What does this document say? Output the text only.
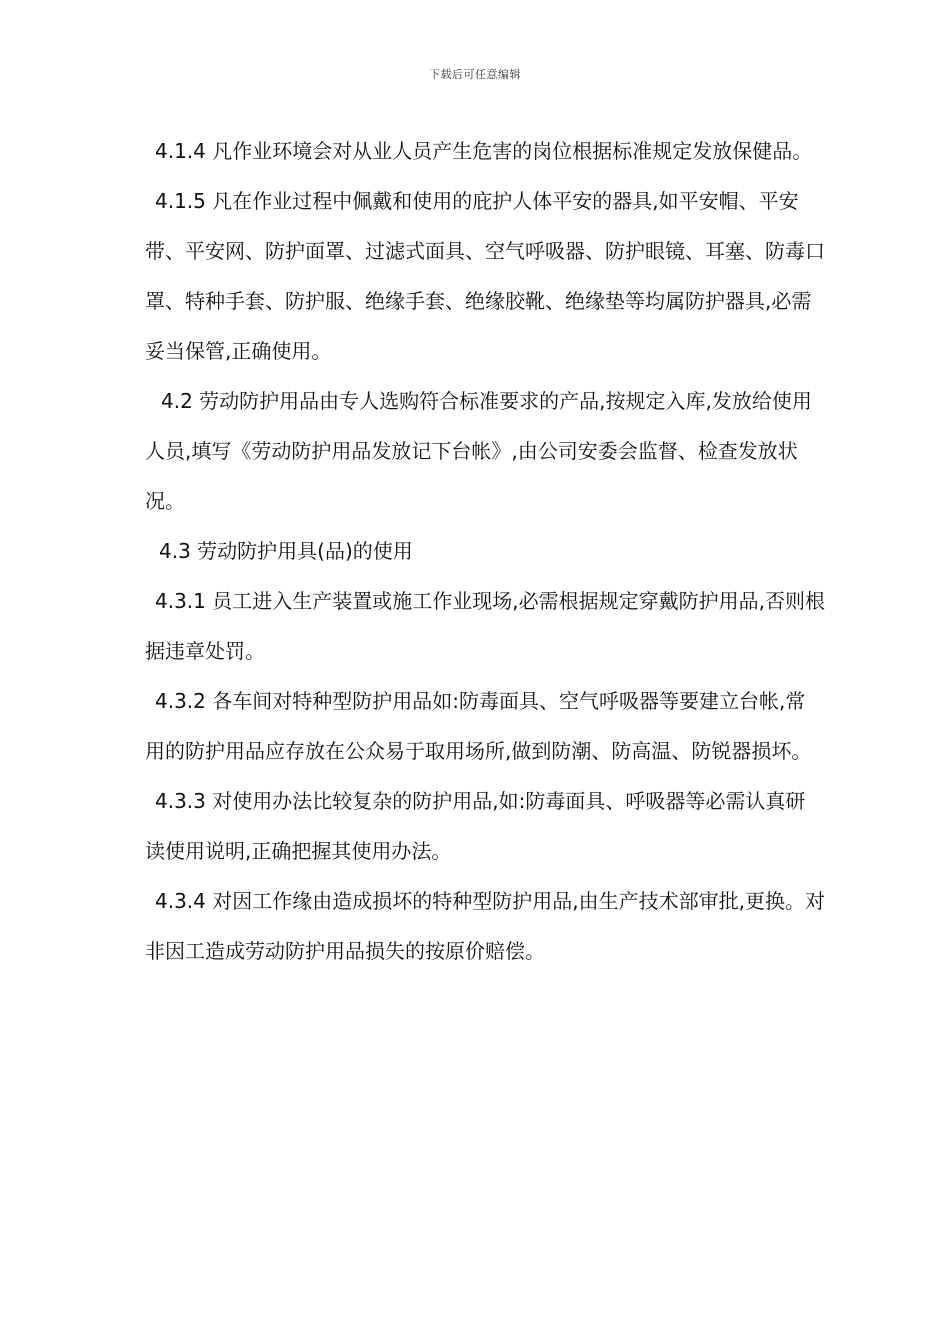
下载后可任意编辑

4.1.4 凡作业环境会对从业人员产生危害的岗位根据标准规定发放保健品。

4.1.5 凡在作业过程中佩戴和使用的庇护人体平安的器具,如平安帽、平安带、平安网、防护面罩、过滤式面具、空气呼吸器、防护眼镜、耳塞、防毒口罩、特种手套、防护服、绝缘手套、绝缘胶靴、绝缘垫等均属防护器具,必需妥当保管,正确使用。

4.2 劳动防护用品由专人选购符合标准要求的产品,按规定入库,发放给使用人员,填写《劳动防护用品发放记下台帐》,由公司安委会监督、检查发放状况。

4.3 劳动防护用具(品)的使用

4.3.1 员工进入生产装置或施工作业现场,必需根据规定穿戴防护用品,否则根据违章处罚。

4.3.2 各车间对特种型防护用品如:防毒面具、空气呼吸器等要建立台帐,常用的防护用品应存放在公众易于取用场所,做到防潮、防高温、防锐器损坏。

4.3.3 对使用办法比较复杂的防护用品,如:防毒面具、呼吸器等必需认真研读使用说明,正确把握其使用办法。

4.3.4 对因工作缘由造成损坏的特种型防护用品,由生产技术部审批,更换。对非因工造成劳动防护用品损失的按原价赔偿。
